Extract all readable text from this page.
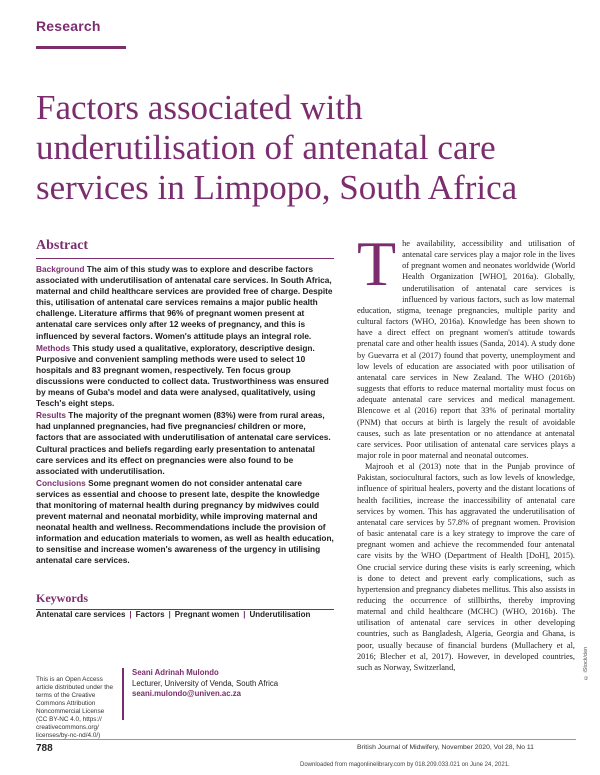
Research
Factors associated with underutilisation of antenatal care services in Limpopo, South Africa
Abstract

Background The aim of this study was to explore and describe factors associated with underutilisation of antenatal care services. In South Africa, maternal and child healthcare services are provided free of charge. Despite this, utilisation of antenatal care services remains a major public health challenge. Literature affirms that 96% of pregnant women present at antenatal care services only after 12 weeks of pregnancy, and this is influenced by several factors. Women's attitude plays an integral role.

Methods This study used a qualitative, exploratory, descriptive design. Purposive and convenient sampling methods were used to select 10 hospitals and 83 pregnant women, respectively. Ten focus group discussions were conducted to collect data. Trustworthiness was ensured by means of Guba's model and data were analysed, qualitatively, using Tesch's eight steps.

Results The majority of the pregnant women (83%) were from rural areas, had unplanned pregnancies, had five pregnancies/ children or more, factors that are associated with underutilisation of antenatal care services. Cultural practices and beliefs regarding early presentation to antenatal care services and its effect on pregnancies were also found to be associated with underutilisation.

Conclusions Some pregnant women do not consider antenatal care services as essential and choose to present late, despite the knowledge that monitoring of maternal health during pregnancy by midwives could prevent maternal and neonatal morbidity, while improving maternal and neonatal health and wellness. Recommendations include the provision of information and education materials to women, as well as health education, to sensitise and increase women's awareness of the urgency in utilising antenatal care services.

Keywords
Antenatal care services | Factors | Pregnant women | Underutilisation
This is an Open Access article distributed under the terms of the Creative Commons Attribution Noncommercial License (CC BY-NC 4.0, https:// creativecommons.org/ licenses/by-nc-nd/4.0/)
Seani Adrinah Mulondo
Lecturer, University of Venda, South Africa
seani.mulondo@univen.ac.za
T he availability, accessibility and utilisation of antenatal care services play a major role in the lives of pregnant women and neonates worldwide (World Health Organization [WHO], 2016a). Globally, underutilisation of antenatal care services is influenced by various factors, such as low maternal education, stigma, teenage pregnancies, multiple parity and cultural factors (WHO, 2016a). Knowledge has been shown to have a direct effect on pregnant women's attitude towards prenatal care and other health issues (Sanda, 2014). A study done by Guevarra et al (2017) found that poverty, unemployment and low levels of education are associated with poor utilisation of antenatal care services in New Zealand. The WHO (2016b) suggests that efforts to reduce maternal mortality must focus on adequate antenatal care services and medical management. Blencowe et al (2016) report that 33% of perinatal mortality (PNM) that occurs at birth is largely the result of avoidable causes, such as late presentation or no attendance at antenatal care services. Poor utilisation of antenatal care services plays a major role in poor maternal and neonatal outcomes.

Majrooh et al (2013) note that in the Punjab province of Pakistan, sociocultural factors, such as low levels of knowledge, influence of spiritual healers, poverty and the distant locations of health facilities, increase the inaccessibility of antenatal care services by women. This has aggravated the underutilisation of antenatal care services by 57.8% of pregnant women. Provision of basic antenatal care is a key strategy to improve the care of pregnant women and achieve the recommended four antenatal care visits by the WHO (Department of Health [DoH], 2015). One crucial service during these visits is early screening, which is done to detect and prevent early complications, such as hypertension and pregnancy diabetes mellitus. This also assists in reducing the occurrence of stillbirths, thereby improving maternal and child healthcare (MCHC) (WHO, 2016b). The utilisation of antenatal care services in other developing countries, such as Bangladesh, Algeria, Georgia and Ghana, is poor, usually because of financial burdens (Mullachery et al, 2016; Blecher et al, 2017). However, in developed countries, such as Norway, Switzerland,	© iStock/den
788	British Journal of Midwifery, November 2020, Vol 28, No 11
Downloaded from magonlinelibrary.com by 018.209.033.021 on June 24, 2021.
